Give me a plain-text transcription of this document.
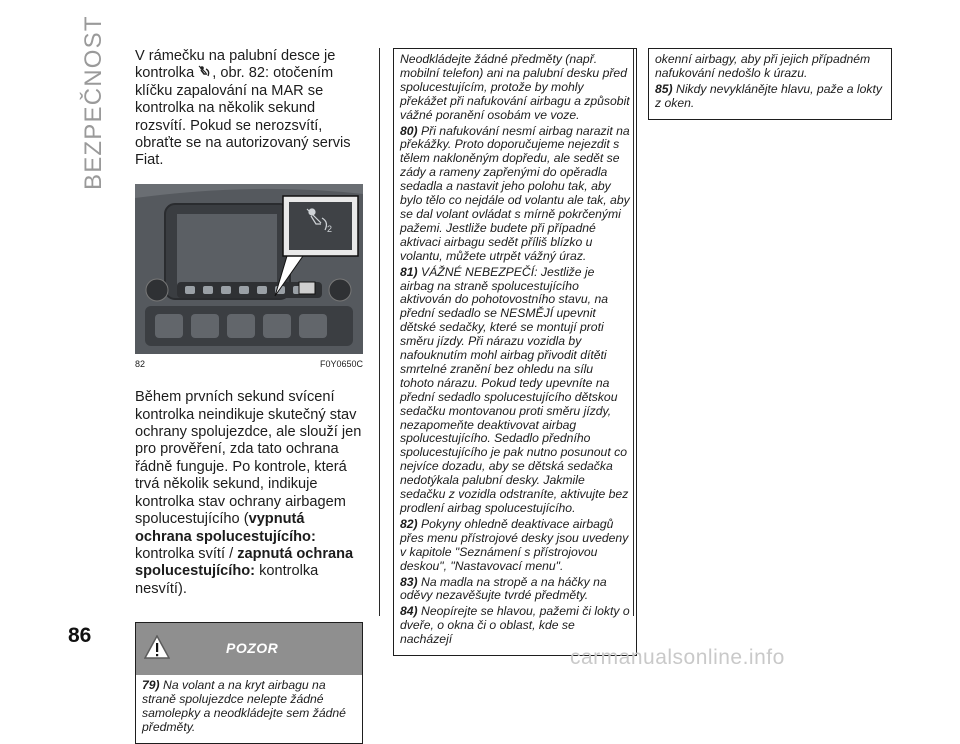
BEZPEČNOST
86

V rámečku na palubní desce je kontrolka , obr. 82: otočením klíčku zapalování na MAR se kontrolka na několik sekund rozsvítí. Pokud se nerozsvítí, obraťte se na autorizovaný servis Fiat.

2
82	F0Y0650C

Během prvních sekund svícení kontrolka neindikuje skutečný stav ochrany spolujezdce, ale slouží jen pro prověření, zda tato ochrana řádně funguje. Po kontrole, která trvá několik sekund, indikuje kontrolka stav ochrany airbagem spolucestujícího (vypnutá ochrana spolucestujícího: kontrolka svítí / zapnutá ochrana spolucestujícího: kontrolka nesvítí).

POZOR

79) Na volant a na kryt airbagu na straně spolujezdce nelepte žádné samolepky a neodkládejte sem žádné předměty.

Neodkládejte žádné předměty (např. mobilní telefon) ani na palubní desku před spolucestujícím, protože by mohly překážet při nafukování airbagu a způsobit vážné poranění osobám ve voze.

80) Při nafukování nesmí airbag narazit na překážky. Proto doporučujeme nejezdit s tělem nakloněným dopředu, ale sedět se zády a rameny zapřenými do opěradla sedadla a nastavit jeho polohu tak, aby bylo tělo co nejdále od volantu ale tak, aby se dal volant ovládat s mírně pokrčenými pažemi. Jestliže budete při případné aktivaci airbagu sedět příliš blízko u volantu, můžete utrpět vážný úraz.

81) VÁŽNÉ NEBEZPEČÍ: Jestliže je airbag na straně spolucestujícího aktivován do pohotovostního stavu, na přední sedadlo se NESMĚJÍ upevnit dětské sedačky, které se montují proti směru jízdy. Při nárazu vozidla by nafouknutím mohl airbag přivodit dítěti smrtelné zranění bez ohledu na sílu tohoto nárazu. Pokud tedy upevníte na přední sedadlo spolucestujícího dětskou sedačku montovanou proti směru jízdy, nezapomeňte deaktivovat airbag spolucestujícího. Sedadlo předního spolucestujícího je pak nutno posunout co nejvíce dozadu, aby se dětská sedačka nedotýkala palubní desky. Jakmile sedačku z vozidla odstraníte, aktivujte bez prodlení airbag spolucestujícího.

82) Pokyny ohledně deaktivace airbagů přes menu přístrojové desky jsou uvedeny v kapitole "Seznámení s přístrojovou deskou", "Nastavovací menu".

83) Na madla na stropě a na háčky na oděvy nezavěšujte tvrdé předměty.

84) Neopírejte se hlavou, pažemi či lokty o dveře, o okna či o oblast, kde se nacházejí

okenní airbagy, aby při jejich případném nafukování nedošlo k úrazu.

85) Nikdy nevyklánějte hlavu, paže a lokty z oken.

carmanualsonline.info
